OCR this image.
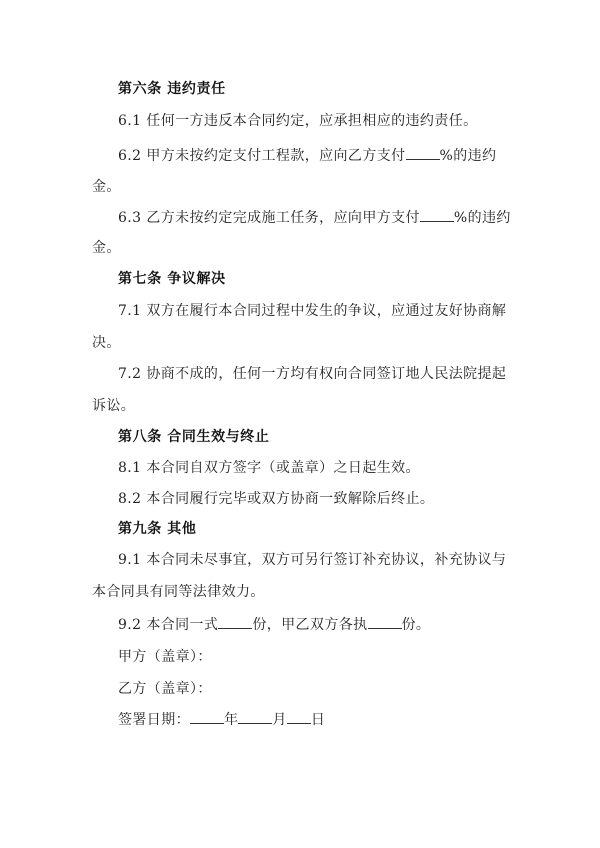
第六条 违约责任
6.1 任何一方违反本合同约定，应承担相应的违约责任。
6.2 甲方未按约定支付工程款，应向乙方支付 %的违约
金。
6.3 乙方未按约定完成施工任务，应向甲方支付 %的违约
金。
第七条 争议解决
7.1 双方在履行本合同过程中发生的争议，应通过友好协商解
决。
7.2 协商不成的，任何一方均有权向合同签订地人民法院提起
诉讼。
第八条 合同生效与终止
8.1 本合同自双方签字（或盖章）之日起生效。
8.2 本合同履行完毕或双方协商一致解除后终止。
第九条 其他
9.1 本合同未尽事宜，双方可另行签订补充协议，补充协议与
本合同具有同等法律效力。
9.2 本合同一式 份，甲乙双方各执 份。
甲方（盖章）：
乙方（盖章）：
签署日期： 年 月 日
